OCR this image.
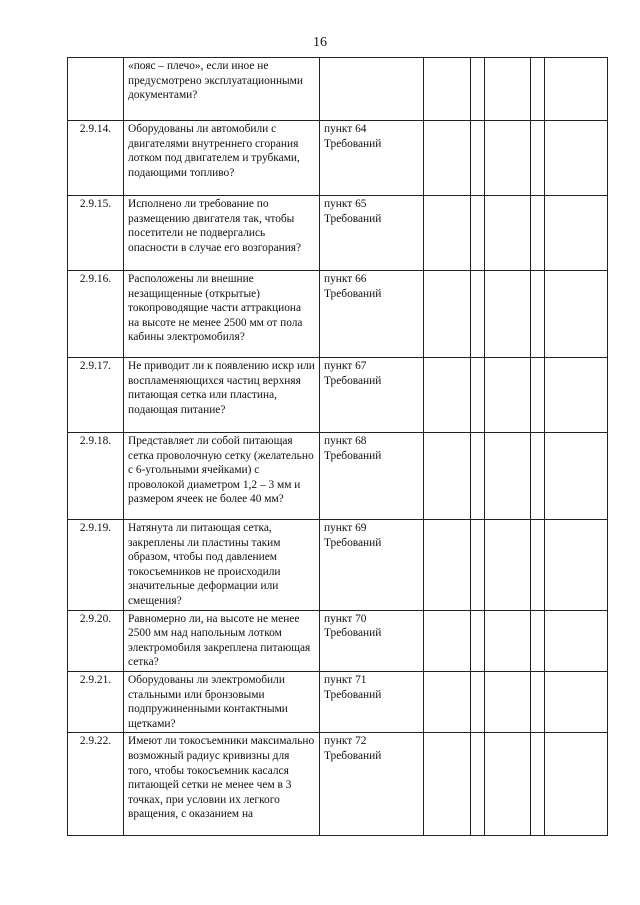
16
	«пояс – плечо», если иное не предусмотрено эксплуатационными документами?						
2.9.14.	Оборудованы ли автомобили с двигателями внутреннего сгорания лотком под двигателем и трубками, подающими топливо?	пункт 64 Требований					
2.9.15.	Исполнено ли требование по размещению двигателя так, чтобы посетители не подвергались опасности в случае его возгорания?	пункт 65 Требований					
2.9.16.	Расположены ли внешние незащищенные (открытые) токопроводящие части аттракциона на высоте не менее 2500 мм от пола кабины электромобиля?	пункт 66 Требований					
2.9.17.	Не приводит ли к появлению искр или воспламеняющихся частиц верхняя питающая сетка или пластина, подающая питание?	пункт 67 Требований					
2.9.18.	Представляет ли собой питающая сетка проволочную сетку (желательно с 6-угольными ячейками) с проволокой диаметром 1,2 – 3 мм и размером ячеек не более 40 мм?	пункт 68 Требований					
2.9.19.	Натянута ли питающая сетка, закреплены ли пластины таким образом, чтобы под давлением токосъемников не происходили значительные деформации или смещения?	пункт 69 Требований					
2.9.20.	Равномерно ли, на высоте не менее 2500 мм над напольным лотком электромобиля закреплена питающая сетка?	пункт 70 Требований					
2.9.21.	Оборудованы ли электромобили стальными или бронзовыми подпружиненными контактными щетками?	пункт 71 Требований					
2.9.22.	Имеют ли токосъемники максимально возможный радиус кривизны для того, чтобы токосъемник касался питающей сетки не менее чем в 3 точках, при условии их легкого вращения, с оказанием на	пункт 72 Требований					
